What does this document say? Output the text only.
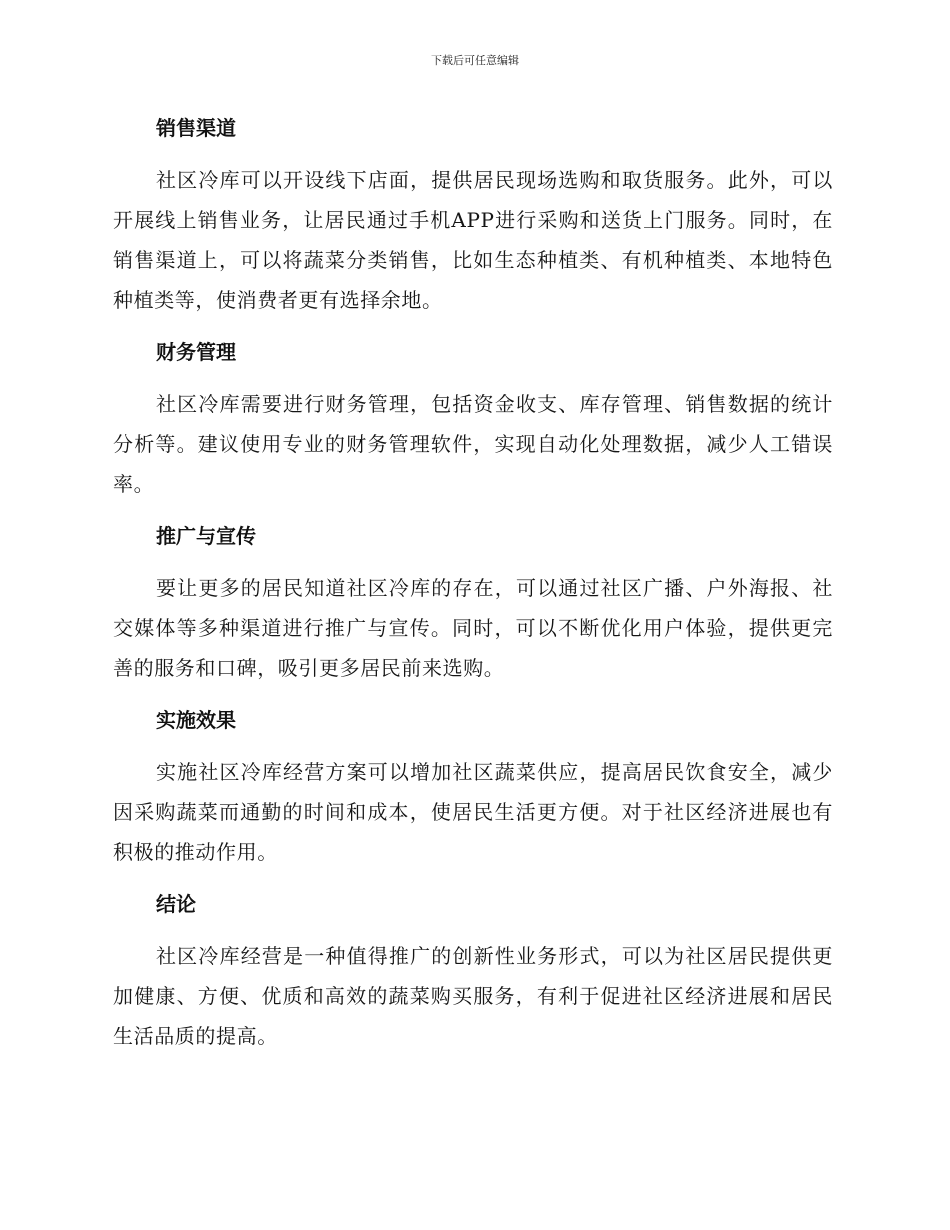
下载后可任意编辑
销售渠道

社区冷库可以开设线下店面，提供居民现场选购和取货服务。此外，可以开展线上销售业务，让居民通过手机APP进行采购和送货上门服务。同时，在销售渠道上，可以将蔬菜分类销售，比如生态种植类、有机种植类、本地特色种植类等，使消费者更有选择余地。

财务管理

社区冷库需要进行财务管理，包括资金收支、库存管理、销售数据的统计分析等。建议使用专业的财务管理软件，实现自动化处理数据，减少人工错误率。

推广与宣传

要让更多的居民知道社区冷库的存在，可以通过社区广播、户外海报、社交媒体等多种渠道进行推广与宣传。同时，可以不断优化用户体验，提供更完善的服务和口碑，吸引更多居民前来选购。

实施效果

实施社区冷库经营方案可以增加社区蔬菜供应，提高居民饮食安全，减少因采购蔬菜而通勤的时间和成本，使居民生活更方便。对于社区经济进展也有积极的推动作用。

结论

社区冷库经营是一种值得推广的创新性业务形式，可以为社区居民提供更加健康、方便、优质和高效的蔬菜购买服务，有利于促进社区经济进展和居民生活品质的提高。
